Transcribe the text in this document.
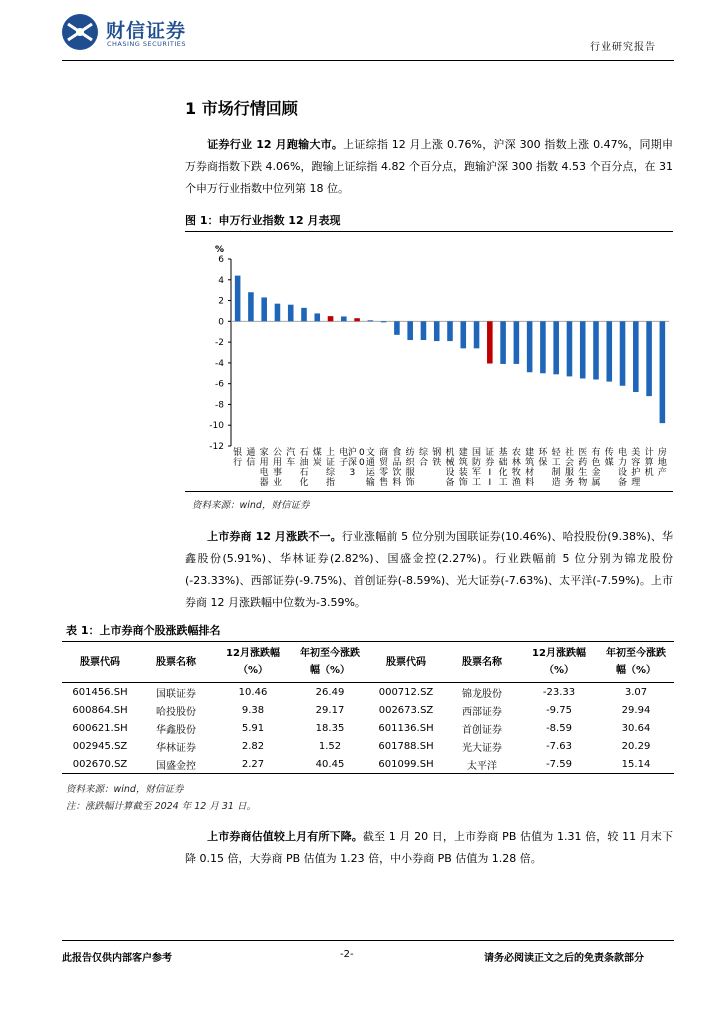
财信证券
CHASING SECURITIES	行业研究报告
1 市场行情回顾
证券行业 12 月跑输大市。上证综指 12 月上涨 0.76%，沪深 300 指数上涨 0.47%，同期申万券商指数下跌 4.06%，跑输上证综指 4.82 个百分点，跑输沪深 300 指数 4.53 个百分点，在 31 个申万行业指数中位列第 18 位。
图 1：申万行业指数 12 月表现
%
6
4
2
0
-2
-4
-6
-8
-10
-12
银行
通信
家用电器
公用事业
汽车
石油石化
煤炭
上证综指
电子
沪深 30 0
文通运输
商贸零售
食品饮料
纺织服饰
综合
钢铁
机械设备
建筑装饰
国防军工
证券 I I
基础化工
农林牧渔
建筑材料
环保
轻工制造
社会服务
医药生物
有色金属
传媒
电力设备
美容护理
计算机
房地产
资料来源：wind，财信证券
上市券商 12 月涨跌不一。行业涨幅前 5 位分别为国联证券(10.46%)、哈投股份(9.38%)、华鑫股份(5.91%)、华林证券(2.82%)、国盛金控(2.27%)。行业跌幅前 5 位分别为锦龙股份(-23.33%)、西部证券(-9.75%)、首创证券(-8.59%)、光大证券(-7.63%)、太平洋(-7.59%)。上市券商 12 月涨跌幅中位数为-3.59%。
表 1：上市券商个股涨跌幅排名
股票代码	股票名称	12月涨跌幅（%）	年初至今涨跌幅（%）	股票代码	股票名称	12月涨跌幅（%）	年初至今涨跌幅（%）

601456.SH	国联证券	10.46	26.49	000712.SZ	锦龙股份	-23.33	3.07
600864.SH	哈投股份	9.38	29.17	002673.SZ	西部证券	-9.75	29.94
600621.SH	华鑫股份	5.91	18.35	601136.SH	首创证券	-8.59	30.64
002945.SZ	华林证券	2.82	1.52	601788.SH	光大证券	-7.63	20.29
002670.SZ	国盛金控	2.27	40.45	601099.SH	太平洋	-7.59	15.14
资料来源：wind，财信证券
注：涨跌幅计算截至 2024 年 12 月 31 日。
上市券商估值较上月有所下降。截至 1 月 20 日，上市券商 PB 估值为 1.31 倍，较 11 月末下降 0.15 倍，大券商 PB 估值为 1.23 倍，中小券商 PB 估值为 1.28 倍。
此报告仅供内部客户参考	-2-	请务必阅读正文之后的免责条款部分
